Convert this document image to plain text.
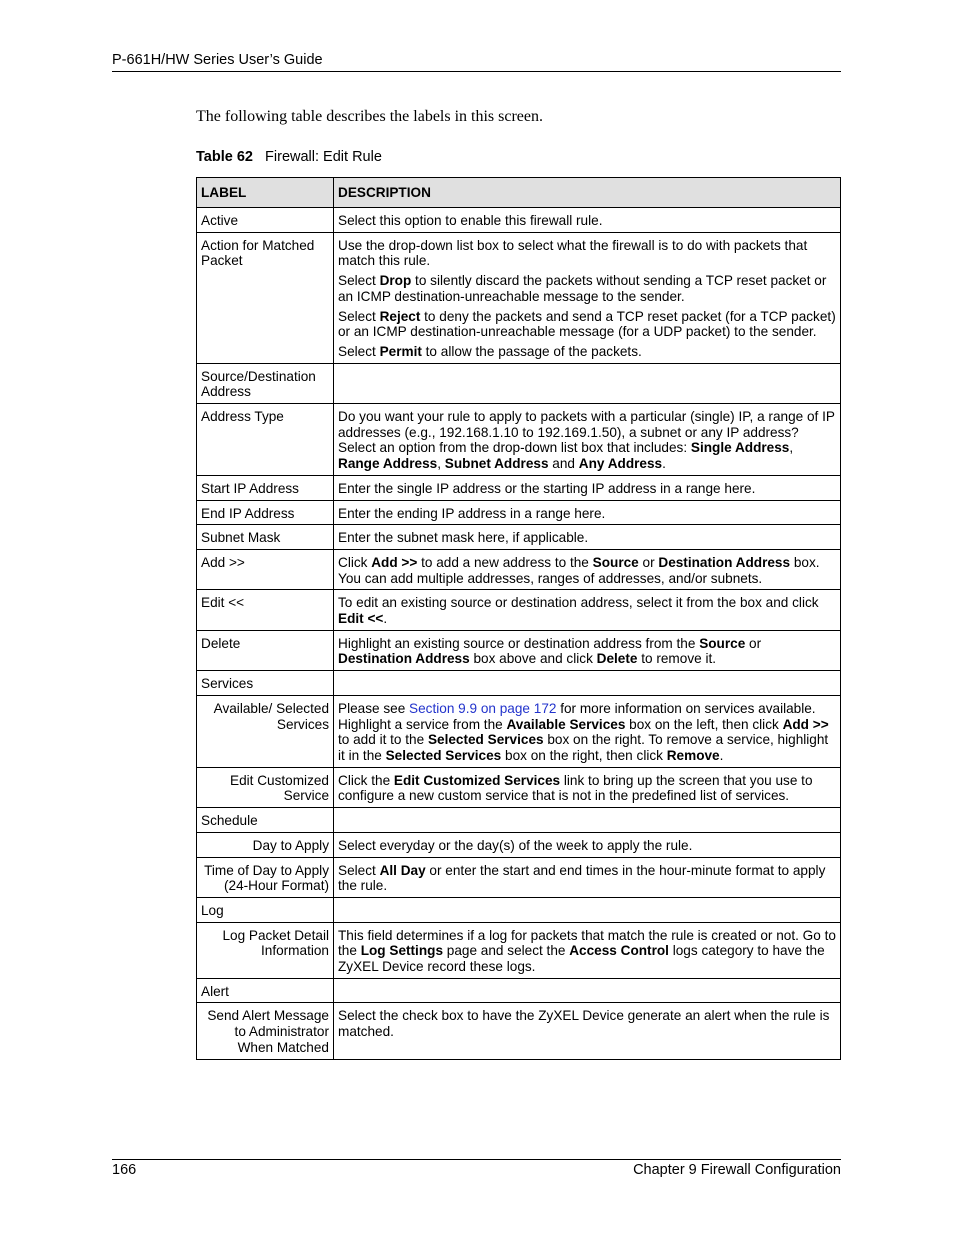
P-661H/HW Series User’s Guide
The following table describes the labels in this screen.
Table 62 Firewall: Edit Rule
LABEL	DESCRIPTION
Active	Select this option to enable this firewall rule.

Action for Matched Packet	Use the drop-down list box to select what the firewall is to do with packets that match this rule.

Select Drop to silently discard the packets without sending a TCP reset packet or an ICMP destination-unreachable message to the sender.

Select Reject to deny the packets and send a TCP reset packet (for a TCP packet) or an ICMP destination-unreachable message (for a UDP packet) to the sender.

Select Permit to allow the passage of the packets.

Source/Destination Address	
Address Type	Do you want your rule to apply to packets with a particular (single) IP, a range of IP addresses (e.g., 192.168.1.10 to 192.169.1.50), a subnet or any IP address? Select an option from the drop-down list box that includes: Single Address, Range Address, Subnet Address and Any Address.

Start IP Address	Enter the single IP address or the starting IP address in a range here.

End IP Address	Enter the ending IP address in a range here.

Subnet Mask	Enter the subnet mask here, if applicable.

Add >>	Click Add >> to add a new address to the Source or Destination Address box. You can add multiple addresses, ranges of addresses, and/or subnets.

Edit <<	To edit an existing source or destination address, select it from the box and click Edit <<.

Delete	Highlight an existing source or destination address from the Source or Destination Address box above and click Delete to remove it.

Services	
Available/ Selected Services	Please see Section 9.9 on page 172 for more information on services available. Highlight a service from the Available Services box on the left, then click Add >> to add it to the Selected Services box on the right. To remove a service, highlight it in the Selected Services box on the right, then click Remove.

Edit Customized Service	Click the Edit Customized Services link to bring up the screen that you use to configure a new custom service that is not in the predefined list of services.

Schedule	
Day to Apply	Select everyday or the day(s) of the week to apply the rule.

Time of Day to Apply (24-Hour Format)	Select All Day or enter the start and end times in the hour-minute format to apply the rule.

Log	
Log Packet Detail Information	This field determines if a log for packets that match the rule is created or not. Go to the Log Settings page and select the Access Control logs category to have the ZyXEL Device record these logs.

Alert	
Send Alert Message to Administrator When Matched	Select the check box to have the ZyXEL Device generate an alert when the rule is matched.

166	Chapter 9 Firewall Configuration
